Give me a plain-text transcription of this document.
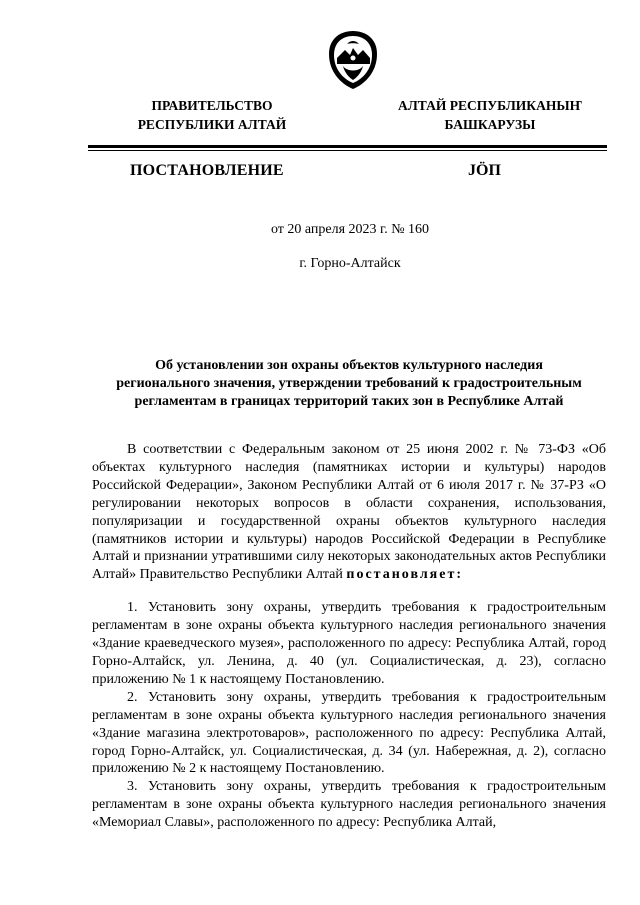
ПРАВИТЕЛЬСТВО
РЕСПУБЛИКИ АЛТАЙ
АЛТАЙ РЕСПУБЛИКАНЫҤ
БАШКАРУЗЫ
ПОСТАНОВЛЕНИЕ	JӦП
от 20 апреля 2023 г. № 160
г. Горно-Алтайск
Об установлении зон охраны объектов культурного наследия
регионального значения, утверждении требований к градостроительным
регламентам в границах территорий таких зон в Республике Алтай

В соответствии с Федеральным законом от 25 июня 2002 г. № 73-ФЗ «Об объектах культурного наследия (памятниках истории и культуры) народов Российской Федерации», Законом Республики Алтай от 6 июля 2017 г. № 37-РЗ «О регулировании некоторых вопросов в области сохранения, использования, популяризации и государственной охраны объектов культурного наследия (памятников истории и культуры) народов Российской Федерации в Республике Алтай и признании утратившими силу некоторых законодательных актов Республики Алтай» Правительство Республики Алтай постановляет:

1. Установить зону охраны, утвердить требования к градостроительным регламентам в зоне охраны объекта культурного наследия регионального значения «Здание краеведческого музея», расположенного по адресу: Республика Алтай, город Горно-Алтайск, ул. Ленина, д. 40 (ул. Социалистическая, д. 23), согласно приложению № 1 к настоящему Постановлению.

2. Установить зону охраны, утвердить требования к градостроительным регламентам в зоне охраны объекта культурного наследия регионального значения «Здание магазина электротоваров», расположенного по адресу: Республика Алтай, город Горно-Алтайск, ул. Социалистическая, д. 34 (ул. Набережная, д. 2), согласно приложению № 2 к настоящему Постановлению.

3. Установить зону охраны, утвердить требования к градостроительным регламентам в зоне охраны объекта культурного наследия регионального значения «Мемориал Славы», расположенного по адресу: Республика Алтай,
